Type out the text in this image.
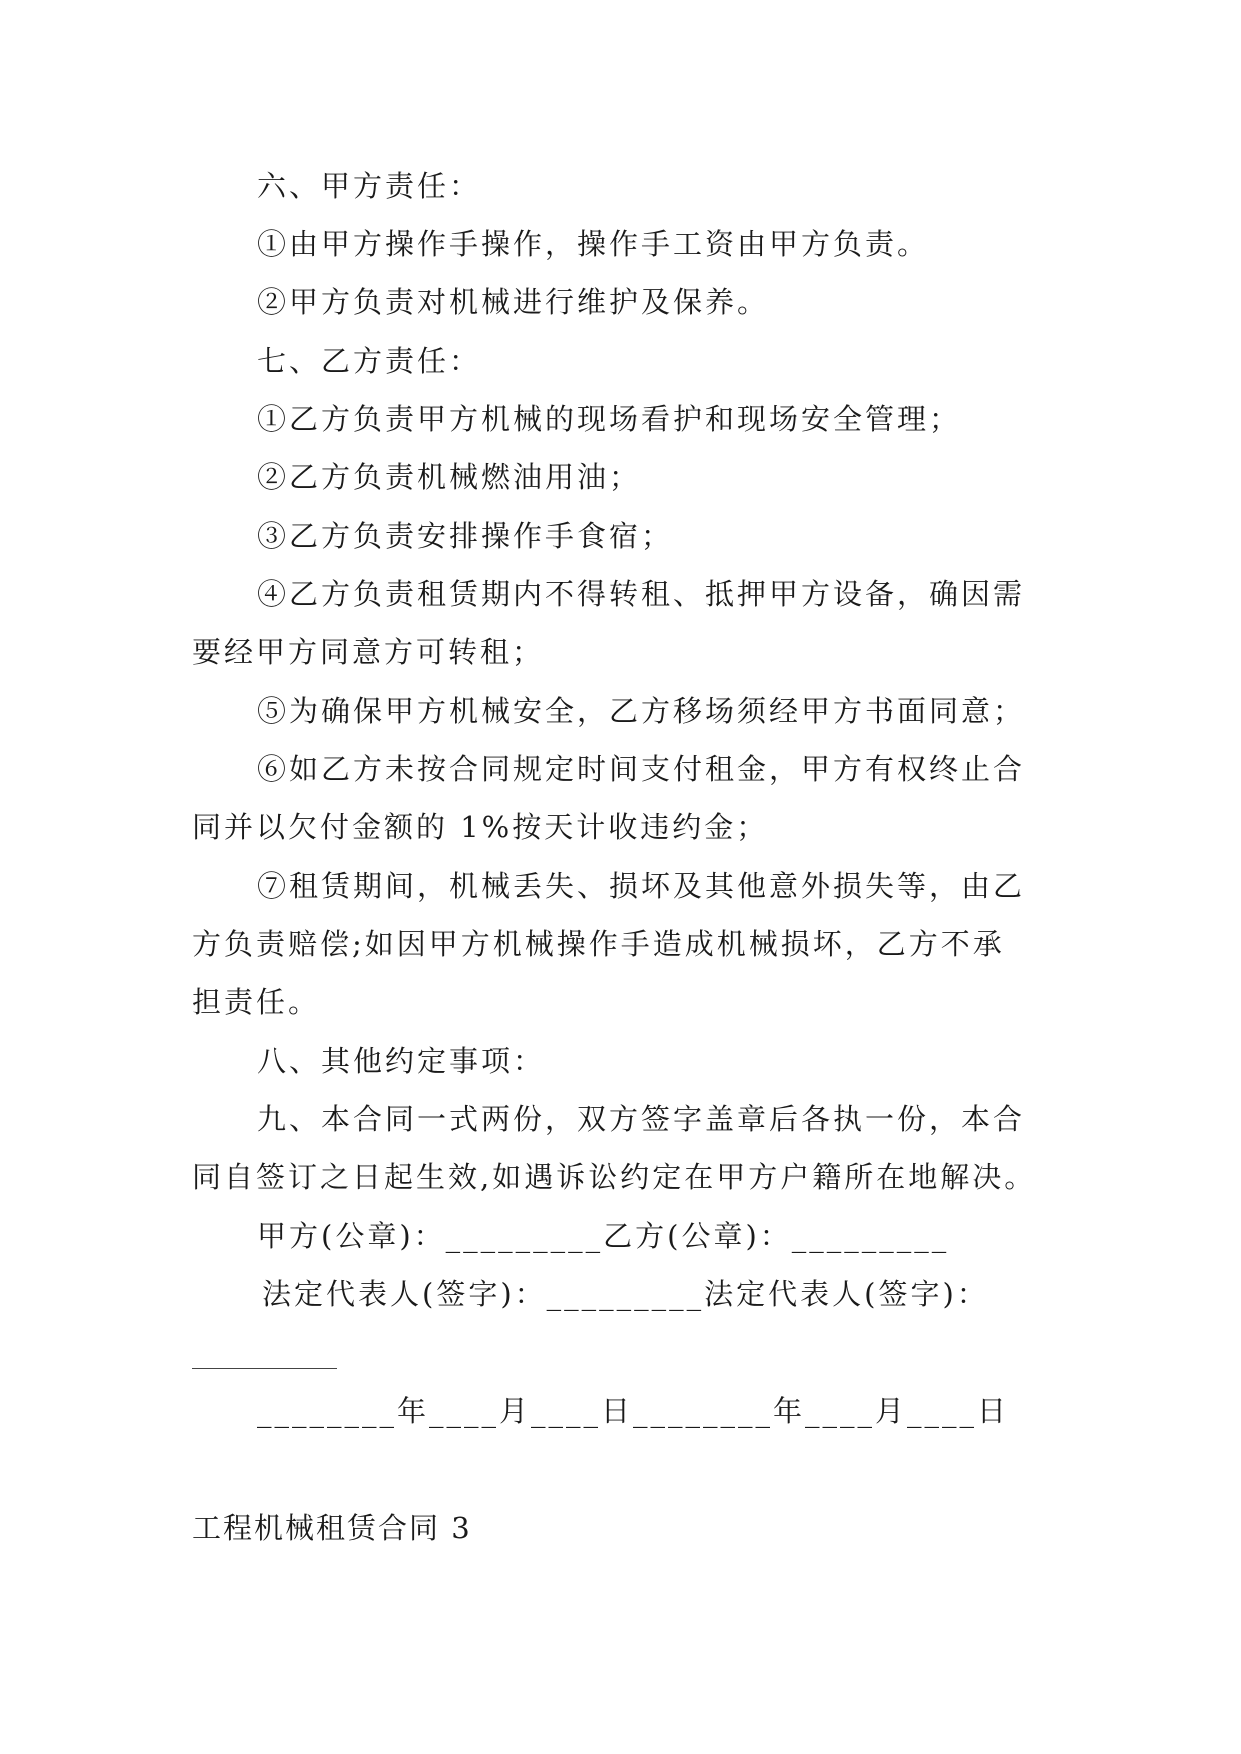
六、甲方责任：
①由甲方操作手操作，操作手工资由甲方负责。
②甲方负责对机械进行维护及保养。
七、乙方责任：
①乙方负责甲方机械的现场看护和现场安全管理；
②乙方负责机械燃油用油；
③乙方负责安排操作手食宿；
④乙方负责租赁期内不得转租、抵押甲方设备，确因需
要经甲方同意方可转租；
⑤为确保甲方机械安全，乙方移场须经甲方书面同意；
⑥如乙方未按合同规定时间支付租金，甲方有权终止合
同并以欠付金额的 1%按天计收违约金；
⑦租赁期间，机械丢失、损坏及其他意外损失等，由乙
方负责赔偿;如因甲方机械操作手造成机械损坏，乙方不承
担责任。
八、其他约定事项：
九、本合同一式两份，双方签字盖章后各执一份，本合
同自签订之日起生效,如遇诉讼约定在甲方户籍所在地解决。
甲方(公章)：_________乙方(公章)：_________
法定代表人(签字)：_________法定代表人(签字)：
________年____月____日________年____月____日
工程机械租赁合同 3
